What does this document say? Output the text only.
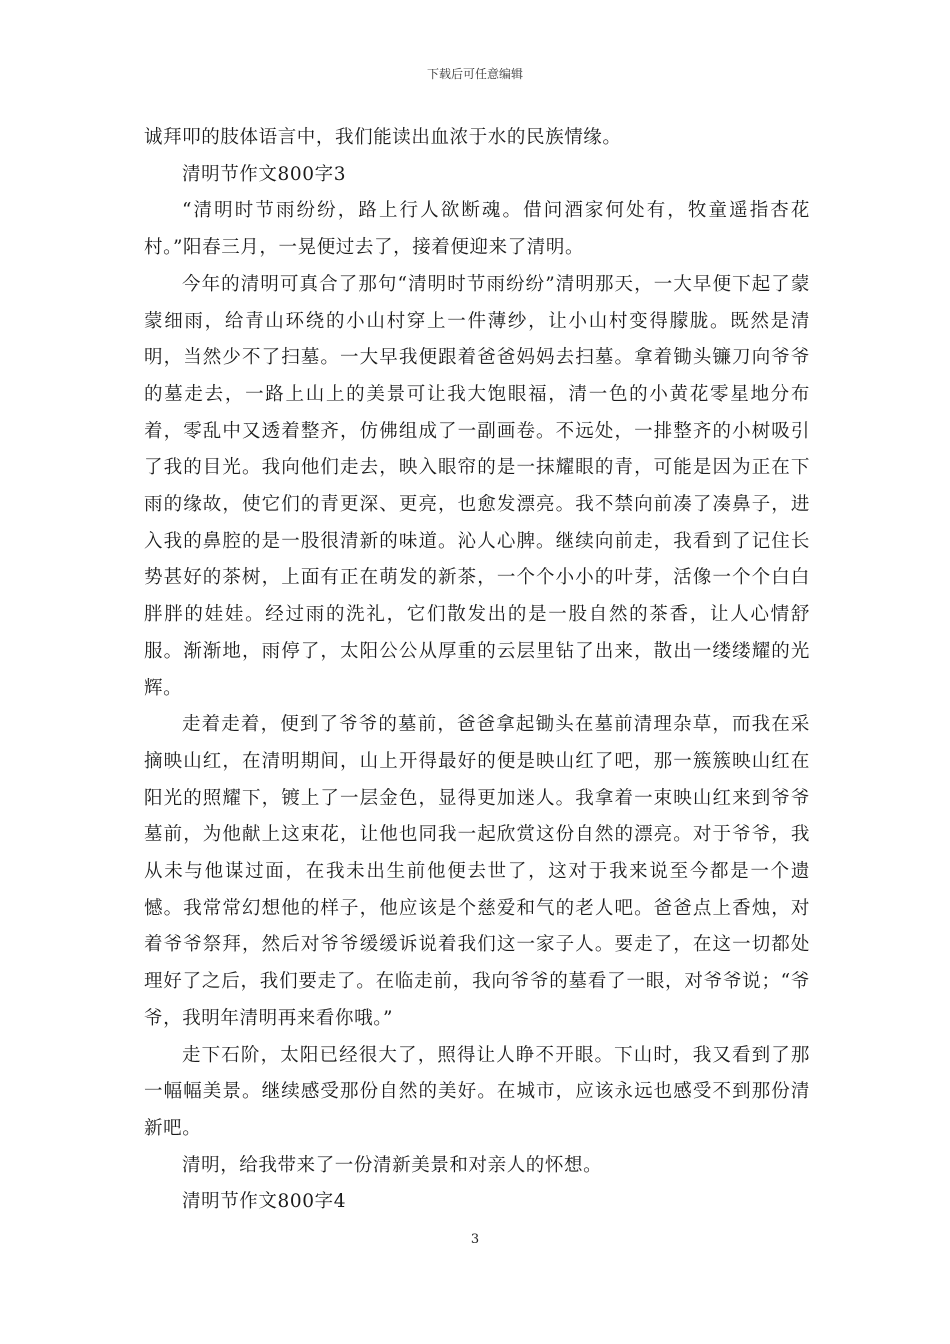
下载后可任意编辑

诚拜叩的肢体语言中，我们能读出血浓于水的民族情缘。

清明节作文800字3

“清明时节雨纷纷，路上行人欲断魂。借问酒家何处有，牧童遥指杏花村。”阳春三月，一晃便过去了，接着便迎来了清明。

今年的清明可真合了那句“清明时节雨纷纷”清明那天，一大早便下起了蒙蒙细雨，给青山环绕的小山村穿上一件薄纱，让小山村变得朦胧。既然是清明，当然少不了扫墓。一大早我便跟着爸爸妈妈去扫墓。拿着锄头镰刀向爷爷的墓走去，一路上山上的美景可让我大饱眼福，清一色的小黄花零星地分布着，零乱中又透着整齐，仿佛组成了一副画卷。不远处，一排整齐的小树吸引了我的目光。我向他们走去，映入眼帘的是一抹耀眼的青，可能是因为正在下雨的缘故，使它们的青更深、更亮，也愈发漂亮。我不禁向前凑了凑鼻子，进入我的鼻腔的是一股很清新的味道。沁人心脾。继续向前走，我看到了记住长势甚好的茶树，上面有正在萌发的新茶，一个个小小的叶芽，活像一个个白白胖胖的娃娃。经过雨的洗礼，它们散发出的是一股自然的茶香，让人心情舒服。渐渐地，雨停了，太阳公公从厚重的云层里钻了出来，散出一缕缕耀的光辉。

走着走着，便到了爷爷的墓前，爸爸拿起锄头在墓前清理杂草，而我在采摘映山红，在清明期间，山上开得最好的便是映山红了吧，那一簇簇映山红在阳光的照耀下，镀上了一层金色，显得更加迷人。我拿着一束映山红来到爷爷墓前，为他献上这束花，让他也同我一起欣赏这份自然的漂亮。对于爷爷，我从未与他谋过面，在我未出生前他便去世了，这对于我来说至今都是一个遗憾。我常常幻想他的样子，他应该是个慈爱和气的老人吧。爸爸点上香烛，对着爷爷祭拜，然后对爷爷缓缓诉说着我们这一家子人。要走了，在这一切都处理好了之后，我们要走了。在临走前，我向爷爷的墓看了一眼，对爷爷说；“爷爷，我明年清明再来看你哦。”

走下石阶，太阳已经很大了，照得让人睁不开眼。下山时，我又看到了那一幅幅美景。继续感受那份自然的美好。在城市，应该永远也感受不到那份清新吧。

清明，给我带来了一份清新美景和对亲人的怀想。

清明节作文800字4

3
